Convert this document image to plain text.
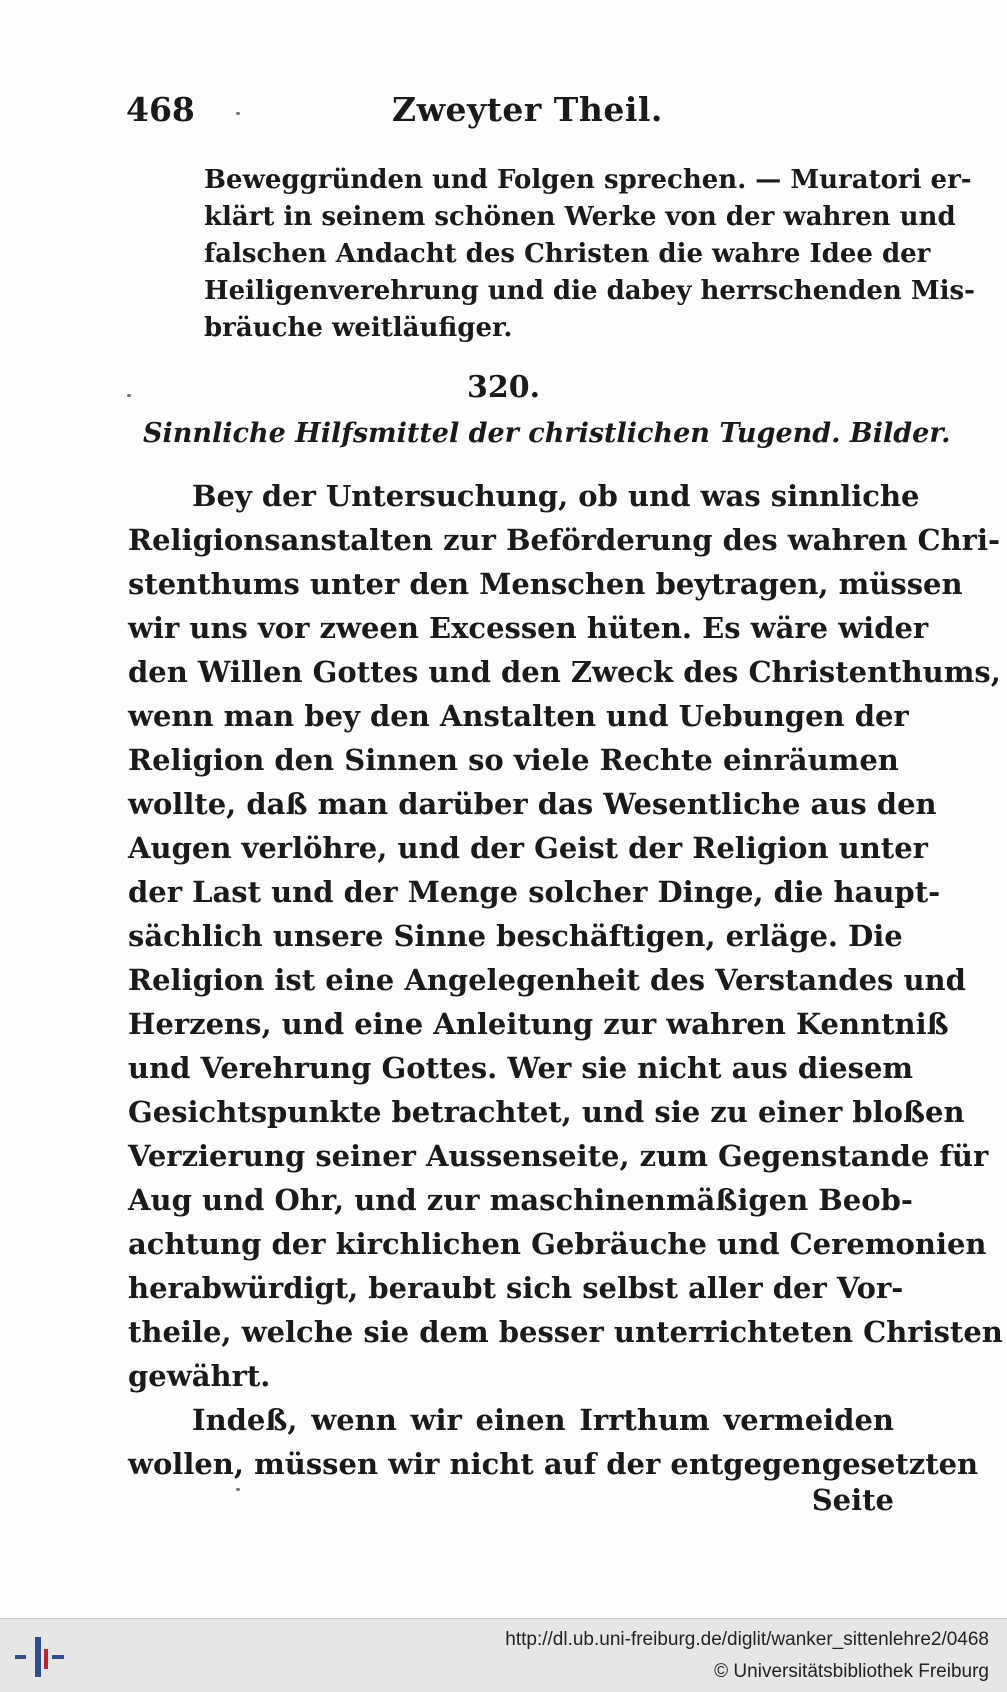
468	Zweyter Theil.
Beweggründen und Folgen sprechen. — Muratori er-
klärt in seinem schönen Werke von der wahren und
falschen Andacht des Christen die wahre Idee der
Heiligenverehrung und die dabey herrschenden Mis-
bräuche weitläufiger.
320.
Sinnliche Hilfsmittel der christlichen Tugend. Bilder.
Bey der Untersuchung, ob und was sinnliche
Religionsanstalten zur Beförderung des wahren Chri-
stenthums unter den Menschen beytragen, müssen
wir uns vor zween Excessen hüten. Es wäre wider
den Willen Gottes und den Zweck des Christenthums,
wenn man bey den Anstalten und Uebungen der
Religion den Sinnen so viele Rechte einräumen
wollte, daß man darüber das Wesentliche aus den
Augen verlöhre, und der Geist der Religion unter
der Last und der Menge solcher Dinge, die haupt-
sächlich unsere Sinne beschäftigen, erläge. Die
Religion ist eine Angelegenheit des Verstandes und
Herzens, und eine Anleitung zur wahren Kenntniß
und Verehrung Gottes. Wer sie nicht aus diesem
Gesichtspunkte betrachtet, und sie zu einer bloßen
Verzierung seiner Aussenseite, zum Gegenstande für
Aug und Ohr, und zur maschinenmäßigen Beob-
achtung der kirchlichen Gebräuche und Ceremonien
herabwürdigt, beraubt sich selbst aller der Vor-
theile, welche sie dem besser unterrichteten Christen
gewährt.
Indeß, wenn wir einen Irrthum vermeiden
wollen, müssen wir nicht auf der entgegengesetzten
Seite
http://dl.ub.uni-freiburg.de/diglit/wanker_sittenlehre2/0468
© Universitätsbibliothek Freiburg
